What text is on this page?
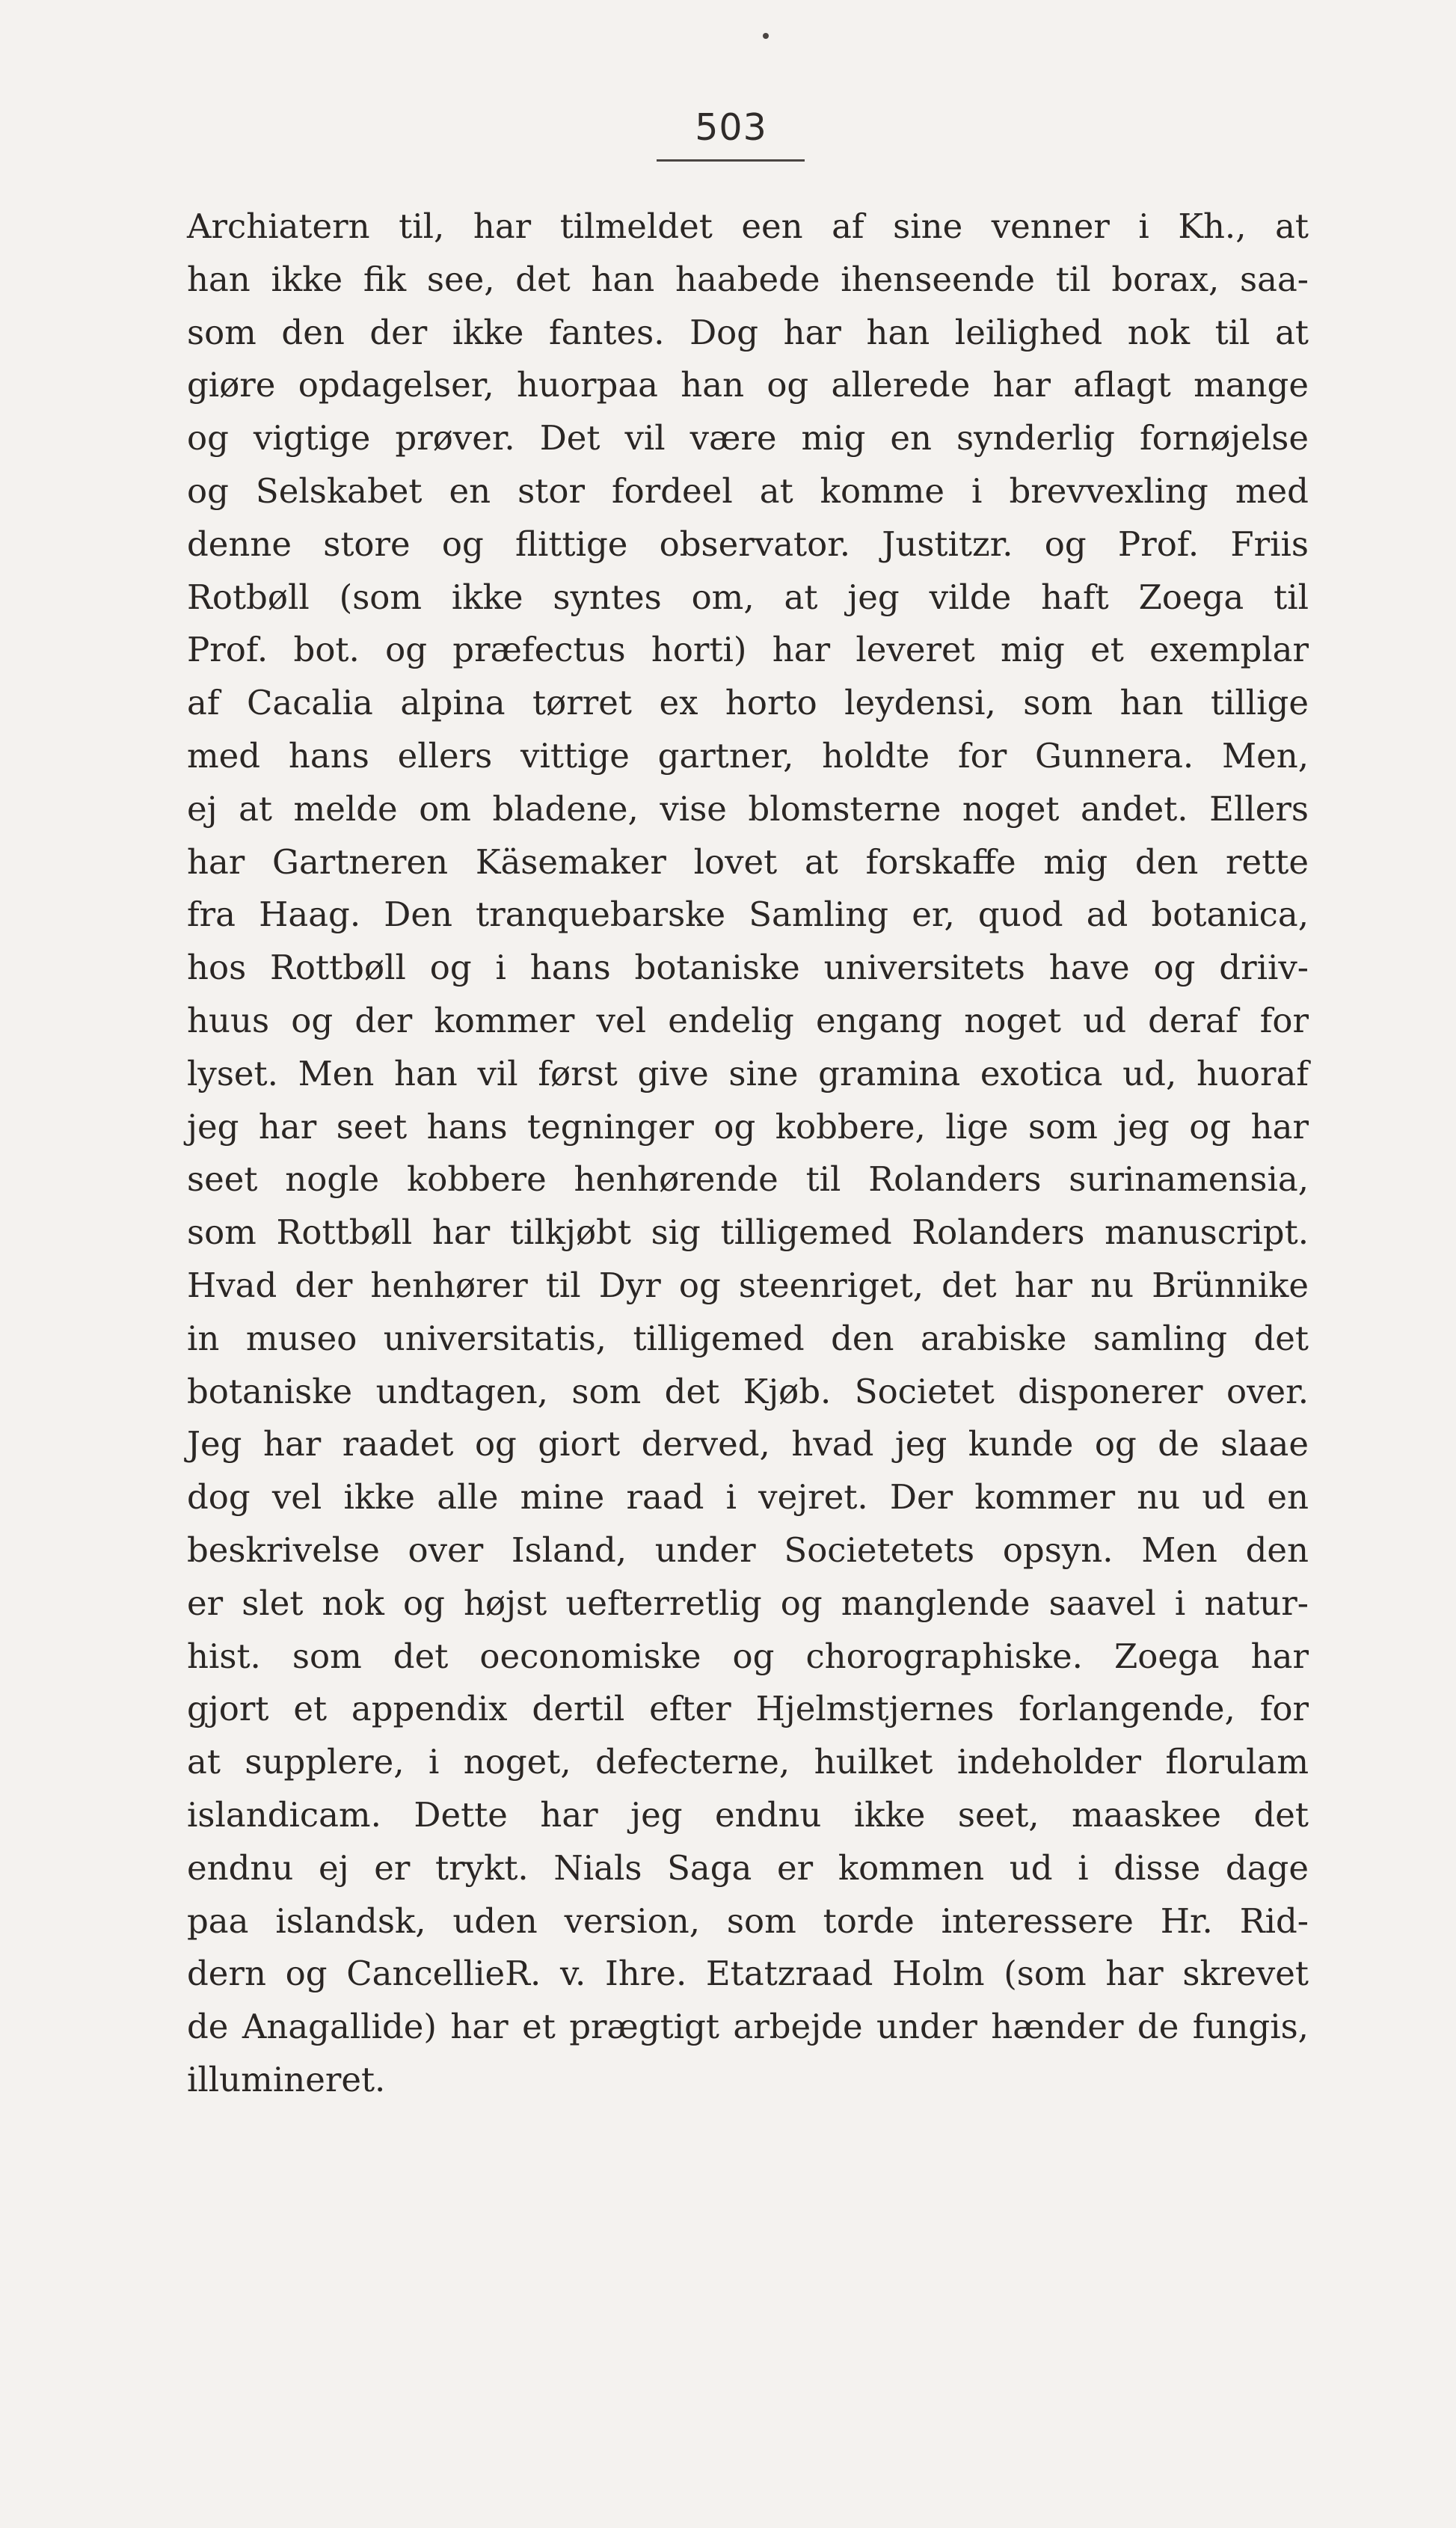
503
Archiatern til, har tilmeldet een af sine venner i Kh., at
han ikke fik see, det han haabede ihenseende til borax, saa-
som den der ikke fantes. Dog har han leilighed nok til at
giøre opdagelser, huorpaa han og allerede har aflagt mange
og vigtige prøver. Det vil være mig en synderlig fornøjelse
og Selskabet en stor fordeel at komme i brevvexling med
denne store og flittige observator. Justitzr. og Prof. Friis
Rotbøll (som ikke syntes om, at jeg vilde haft Zoega til
Prof. bot. og præfectus horti) har leveret mig et exemplar
af Cacalia alpina tørret ex horto leydensi, som han tillige
med hans ellers vittige gartner, holdte for Gunnera. Men,
ej at melde om bladene, vise blomsterne noget andet. Ellers
har Gartneren Käsemaker lovet at forskaffe mig den rette
fra Haag. Den tranquebarske Samling er, quod ad botanica,
hos Rottbøll og i hans botaniske universitets have og driiv-
huus og der kommer vel endelig engang noget ud deraf for
lyset. Men han vil først give sine gramina exotica ud, huoraf
jeg har seet hans tegninger og kobbere, lige som jeg og har
seet nogle kobbere henhørende til Rolanders surinamensia,
som Rottbøll har tilkjøbt sig tilligemed Rolanders manuscript.
Hvad der henhører til Dyr og steenriget, det har nu Brünnike
in museo universitatis, tilligemed den arabiske samling det
botaniske undtagen, som det Kjøb. Societet disponerer over.
Jeg har raadet og giort derved, hvad jeg kunde og de slaae
dog vel ikke alle mine raad i vejret. Der kommer nu ud en
beskrivelse over Island, under Societetets opsyn. Men den
er slet nok og højst uefterretlig og manglende saavel i natur-
hist. som det oeconomiske og chorographiske. Zoega har
gjort et appendix dertil efter Hjelmstjernes forlangende, for
at supplere, i noget, defecterne, huilket indeholder florulam
islandicam. Dette har jeg endnu ikke seet, maaskee det
endnu ej er trykt. Nials Saga er kommen ud i disse dage
paa islandsk, uden version, som torde interessere Hr. Rid-
dern og CancellieR. v. Ihre. Etatzraad Holm (som har skrevet
de Anagallide) har et prægtigt arbejde under hænder de fungis,
illumineret.
